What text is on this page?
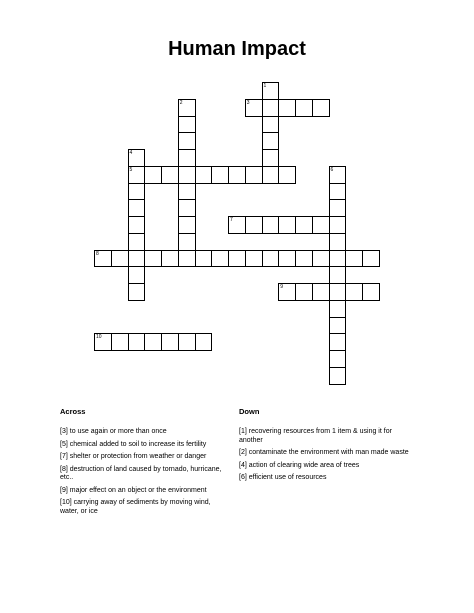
Human Impact
3
5
7
8
9
10
1
2
4
6
Across
[3] to use again or more than once
[5] chemical added to soil to increase its fertility
[7] shelter or protection from weather or danger
[8] destruction of land caused by tornado, hurricane, etc..
[9] major effect on an object or the environment
[10] carrying away of sediments by moving wind, water, or ice
Down
[1] recovering resources from 1 item & using it for another
[2] contaminate the environment with man made waste
[4] action of clearing wide area of trees
[6] efficient use of resources
